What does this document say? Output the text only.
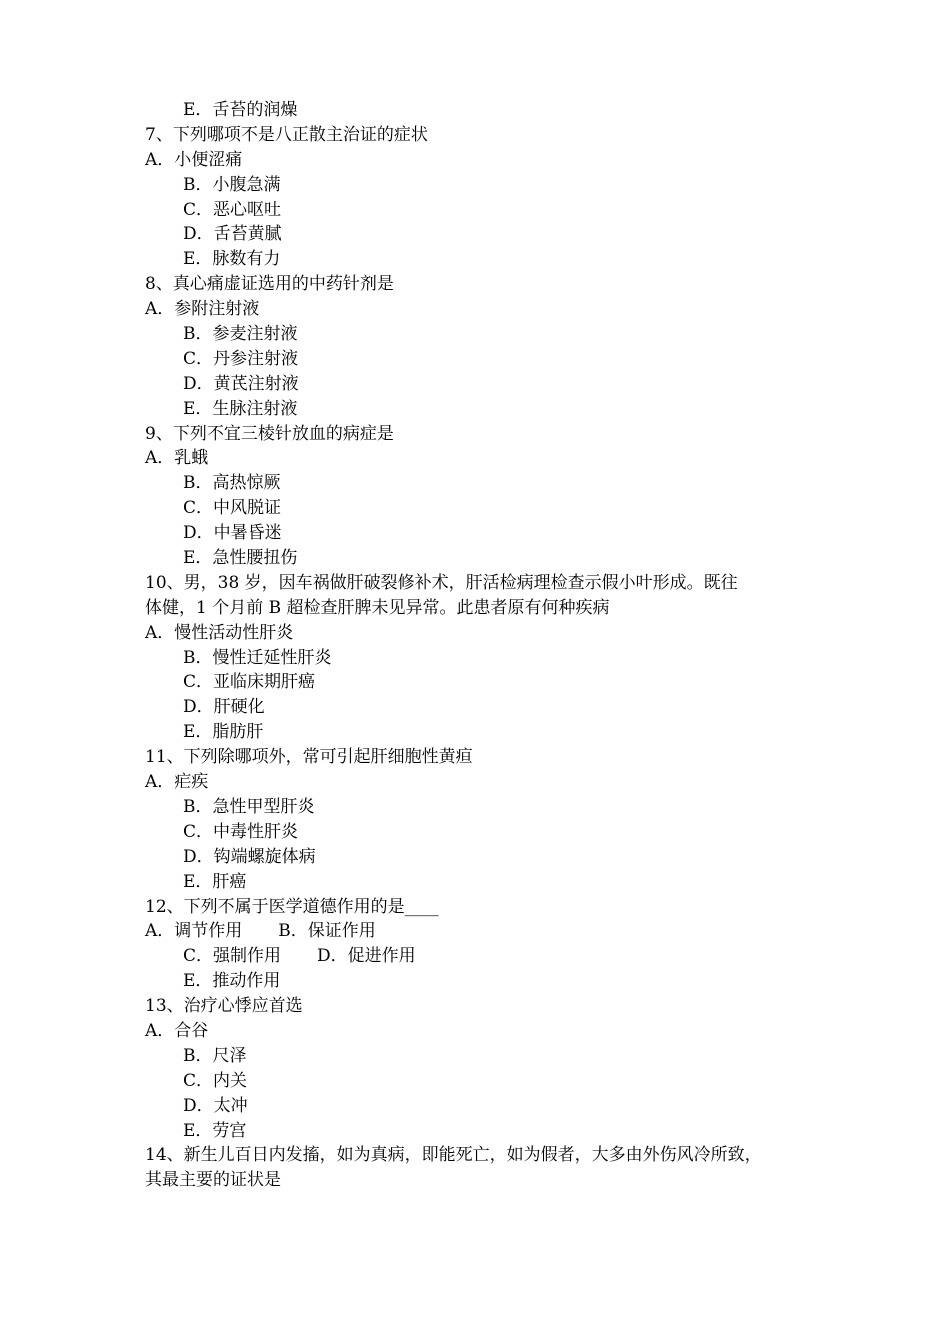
E．舌苔的润燥
7、下列哪项不是八正散主治证的症状
A．小便涩痛
B．小腹急满
C．恶心呕吐
D．舌苔黄腻
E．脉数有力
8、真心痛虚证选用的中药针剂是
A．参附注射液
B．参麦注射液
C．丹参注射液
D．黄芪注射液
E．生脉注射液
9、下列不宜三棱针放血的病症是
A．乳蛾
B．高热惊厥
C．中风脱证
D．中暑昏迷
E．急性腰扭伤
10、男，38 岁，因车祸做肝破裂修补术，肝活检病理检查示假小叶形成。既往
体健，1 个月前 B 超检查肝脾未见异常。此患者原有何种疾病
A．慢性活动性肝炎
B．慢性迁延性肝炎
C．亚临床期肝癌
D．肝硬化
E．脂肪肝
11、下列除哪项外，常可引起肝细胞性黄疸
A．疟疾
B．急性甲型肝炎
C．中毒性肝炎
D．钩端螺旋体病
E．肝癌
12、下列不属于医学道德作用的是____
A．调节作用 B．保证作用
C．强制作用 D．促进作用
E．推动作用
13、治疗心悸应首选
A．合谷
B．尺泽
C．内关
D．太冲
E．劳宫
14、新生儿百日内发搐，如为真病，即能死亡，如为假者，大多由外伤风冷所致，
其最主要的证状是
